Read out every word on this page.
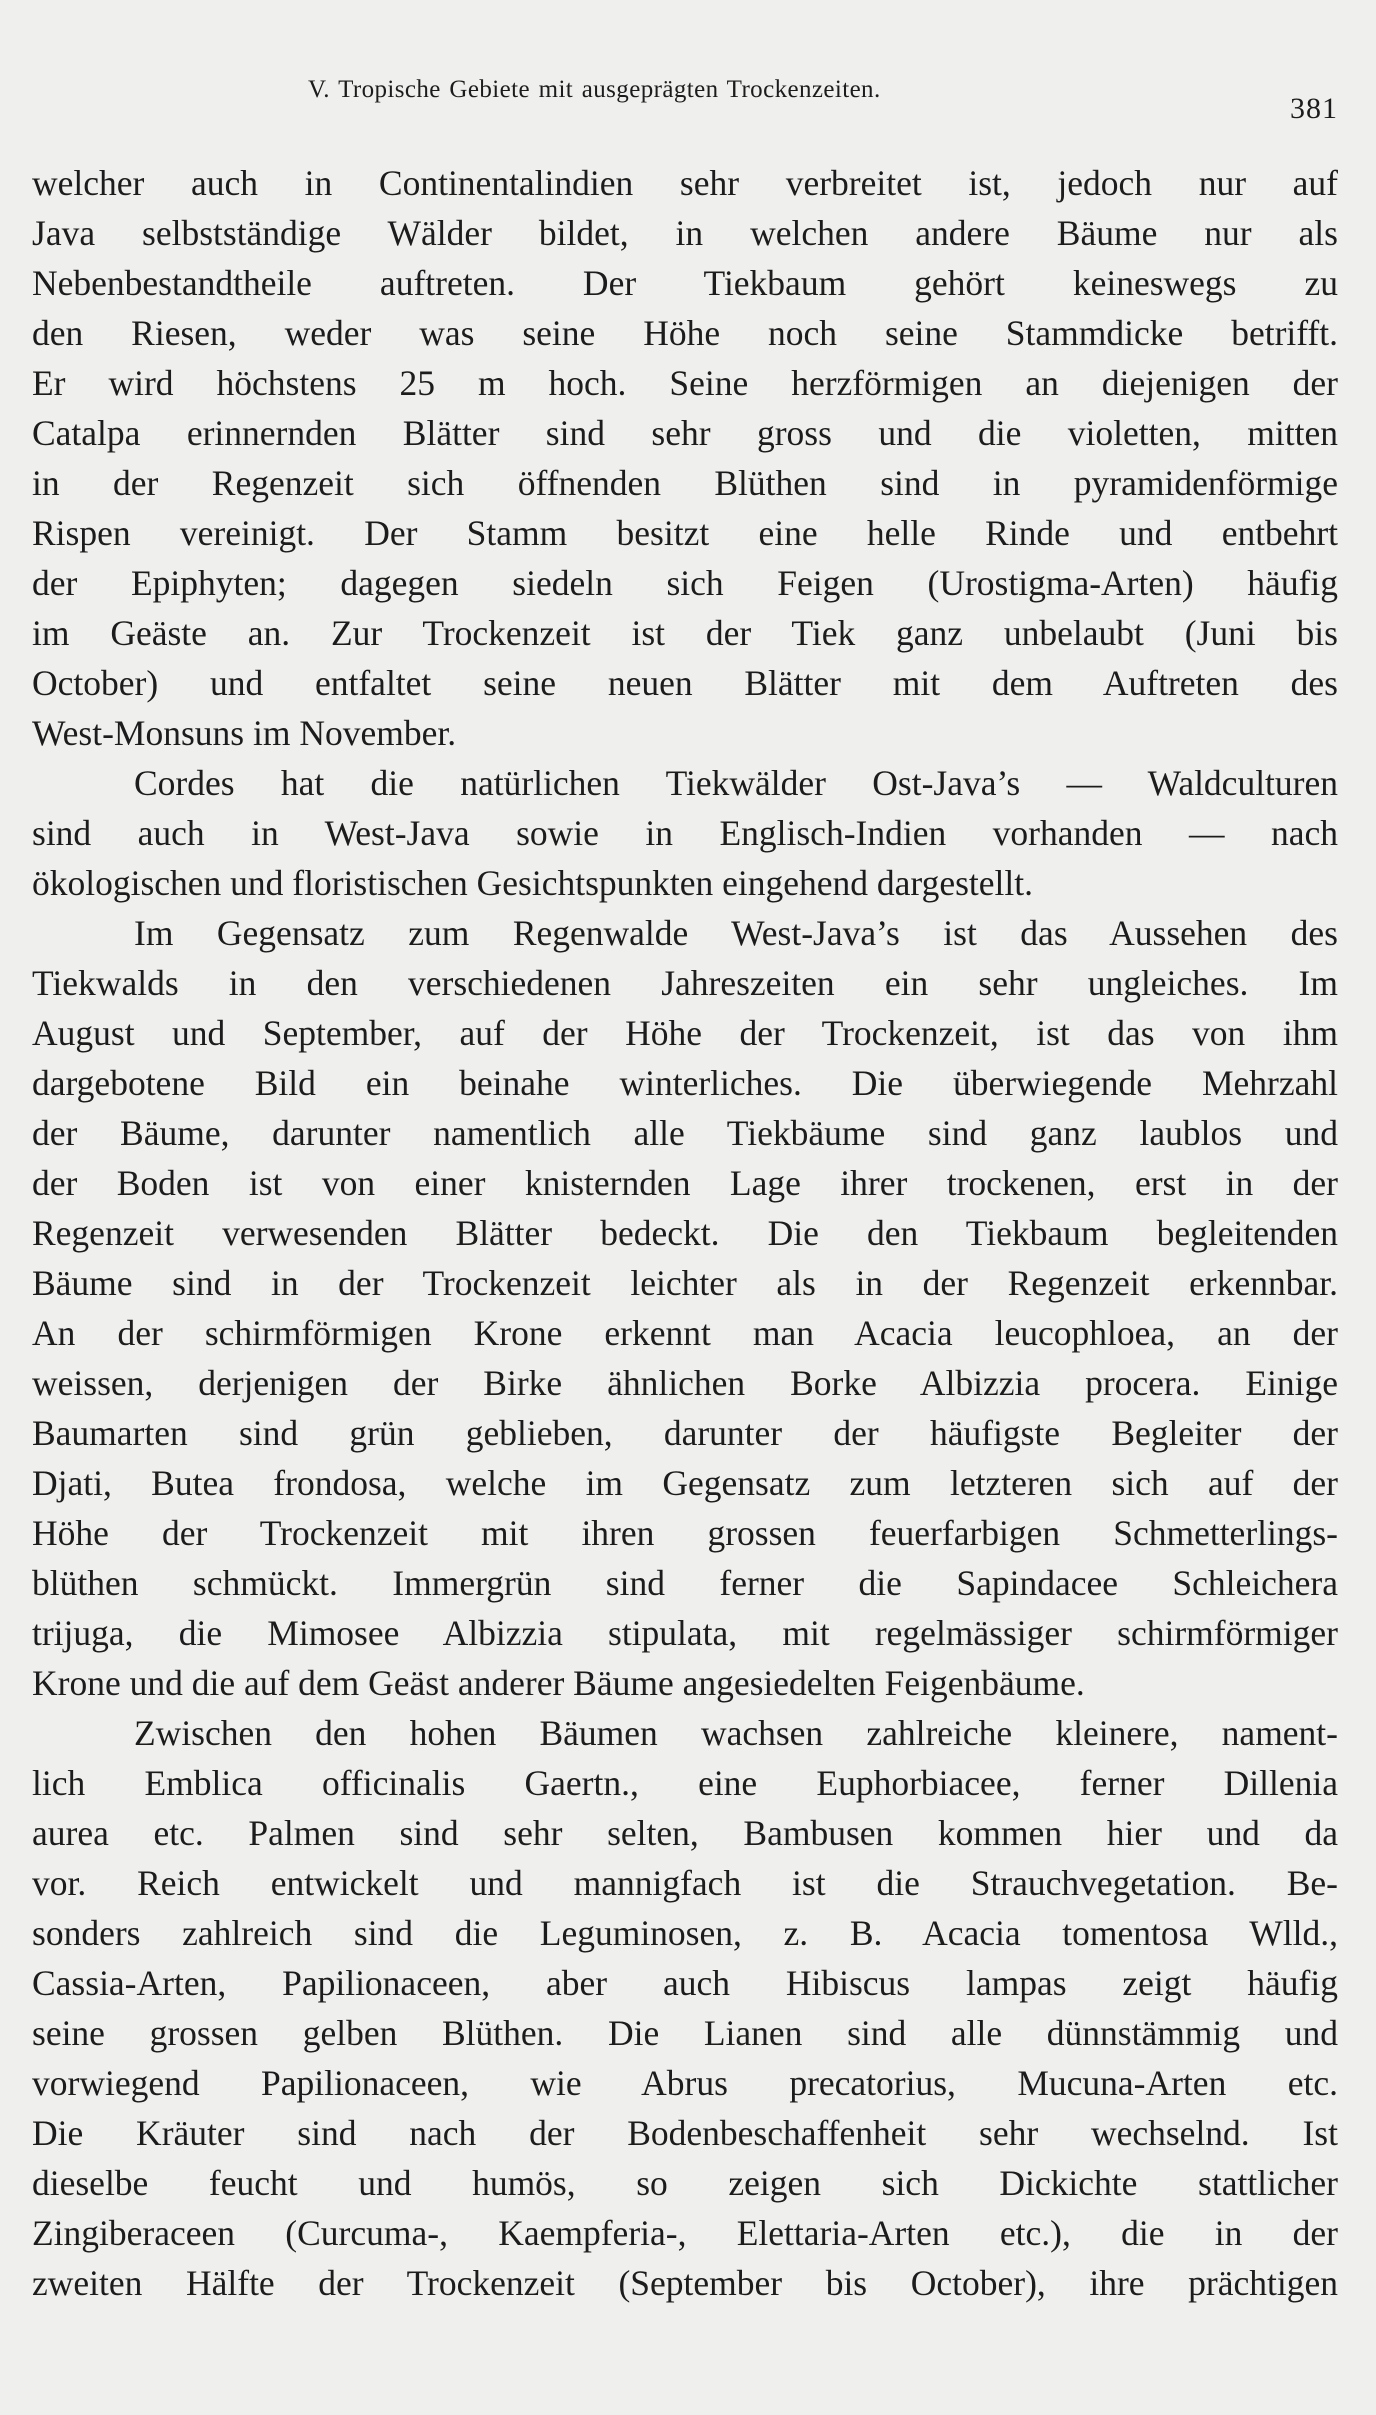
V. Tropische Gebiete mit ausgeprägten Trockenzeiten.
381
welcher auch in Continentalindien sehr verbreitet ist, jedoch nur auf
Java selbstständige Wälder bildet, in welchen andere Bäume nur als
Nebenbestandtheile auftreten. Der Tiekbaum gehört keineswegs zu
den Riesen, weder was seine Höhe noch seine Stammdicke betrifft.
Er wird höchstens 25 m hoch. Seine herzförmigen an diejenigen der
Catalpa erinnernden Blätter sind sehr gross und die violetten, mitten
in der Regenzeit sich öffnenden Blüthen sind in pyramidenförmige
Rispen vereinigt. Der Stamm besitzt eine helle Rinde und entbehrt
der Epiphyten; dagegen siedeln sich Feigen (Urostigma-Arten) häufig
im Geäste an. Zur Trockenzeit ist der Tiek ganz unbelaubt (Juni bis
October) und entfaltet seine neuen Blätter mit dem Auftreten des
West-Monsuns im November.
Cordes hat die natürlichen Tiekwälder Ost-Java’s — Waldculturen
sind auch in West-Java sowie in Englisch-Indien vorhanden — nach
ökologischen und floristischen Gesichtspunkten eingehend dargestellt.
Im Gegensatz zum Regenwalde West-Java’s ist das Aussehen des
Tiekwalds in den verschiedenen Jahreszeiten ein sehr ungleiches. Im
August und September, auf der Höhe der Trockenzeit, ist das von ihm
dargebotene Bild ein beinahe winterliches. Die überwiegende Mehrzahl
der Bäume, darunter namentlich alle Tiekbäume sind ganz laublos und
der Boden ist von einer knisternden Lage ihrer trockenen, erst in der
Regenzeit verwesenden Blätter bedeckt. Die den Tiekbaum begleitenden
Bäume sind in der Trockenzeit leichter als in der Regenzeit erkennbar.
An der schirmförmigen Krone erkennt man Acacia leucophloea, an der
weissen, derjenigen der Birke ähnlichen Borke Albizzia procera. Einige
Baumarten sind grün geblieben, darunter der häufigste Begleiter der
Djati, Butea frondosa, welche im Gegensatz zum letzteren sich auf der
Höhe der Trockenzeit mit ihren grossen feuerfarbigen Schmetterlings-
blüthen schmückt. Immergrün sind ferner die Sapindacee Schleichera
trijuga, die Mimosee Albizzia stipulata, mit regelmässiger schirmförmiger
Krone und die auf dem Geäst anderer Bäume angesiedelten Feigenbäume.
Zwischen den hohen Bäumen wachsen zahlreiche kleinere, nament-
lich Emblica officinalis Gaertn., eine Euphorbiacee, ferner Dillenia
aurea etc. Palmen sind sehr selten, Bambusen kommen hier und da
vor. Reich entwickelt und mannigfach ist die Strauchvegetation. Be-
sonders zahlreich sind die Leguminosen, z. B. Acacia tomentosa Wlld.,
Cassia-Arten, Papilionaceen, aber auch Hibiscus lampas zeigt häufig
seine grossen gelben Blüthen. Die Lianen sind alle dünnstämmig und
vorwiegend Papilionaceen, wie Abrus precatorius, Mucuna-Arten etc.
Die Kräuter sind nach der Bodenbeschaffenheit sehr wechselnd. Ist
dieselbe feucht und humös, so zeigen sich Dickichte stattlicher
Zingiberaceen (Curcuma-, Kaempferia-, Elettaria-Arten etc.), die in der
zweiten Hälfte der Trockenzeit (September bis October), ihre prächtigen
